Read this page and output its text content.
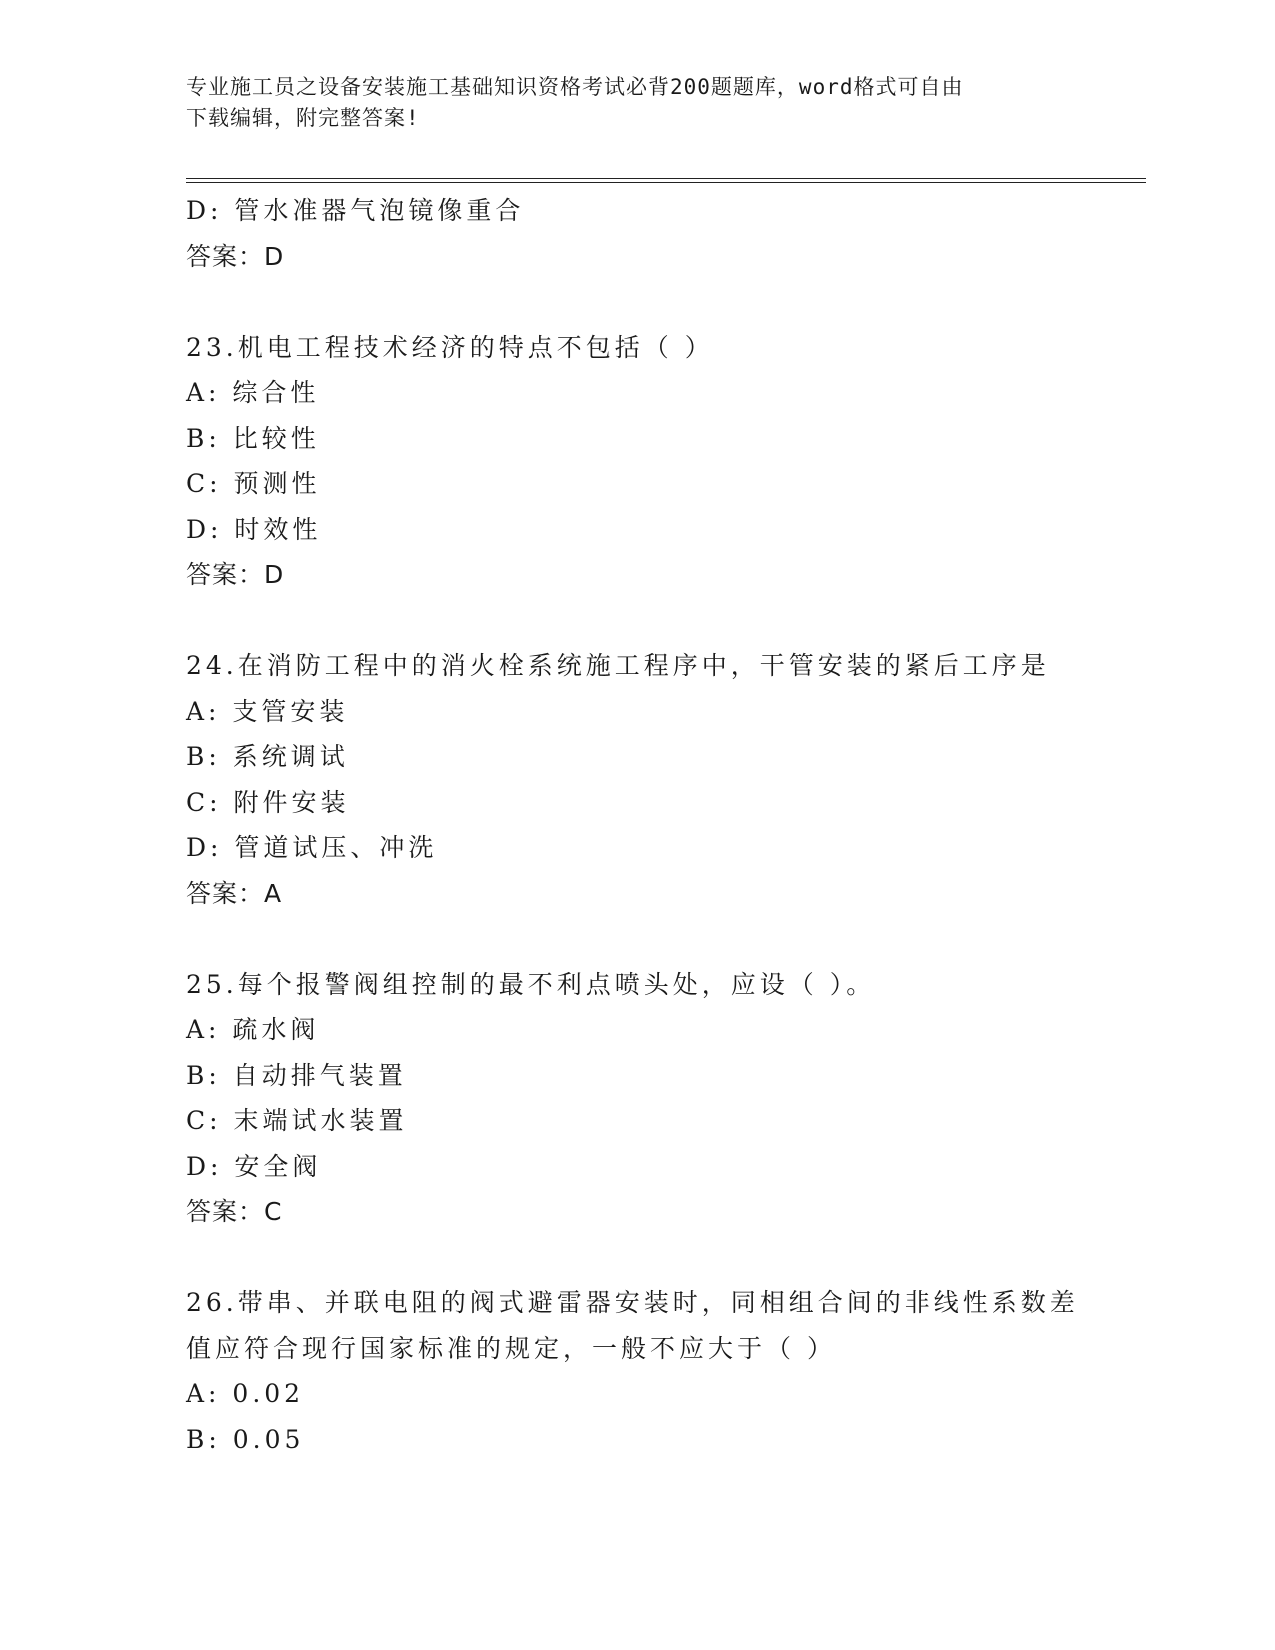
专业施工员之设备安装施工基础知识资格考试必背200题题库，word格式可自由
下载编辑，附完整答案!
D: 管水准器气泡镜像重合
答案：D
23.机电工程技术经济的特点不包括（ ）
A: 综合性
B: 比较性
C: 预测性
D: 时效性
答案：D
24.在消防工程中的消火栓系统施工程序中，干管安装的紧后工序是
A: 支管安装
B: 系统调试
C: 附件安装
D: 管道试压、冲洗
答案：A
25.每个报警阀组控制的最不利点喷头处，应设（ ）。
A: 疏水阀
B: 自动排气装置
C: 末端试水装置
D: 安全阀
答案：C
26.带串、并联电阻的阀式避雷器安装时，同相组合间的非线性系数差
值应符合现行国家标准的规定，一般不应大于（ ）
A: 0.02
B: 0.05
